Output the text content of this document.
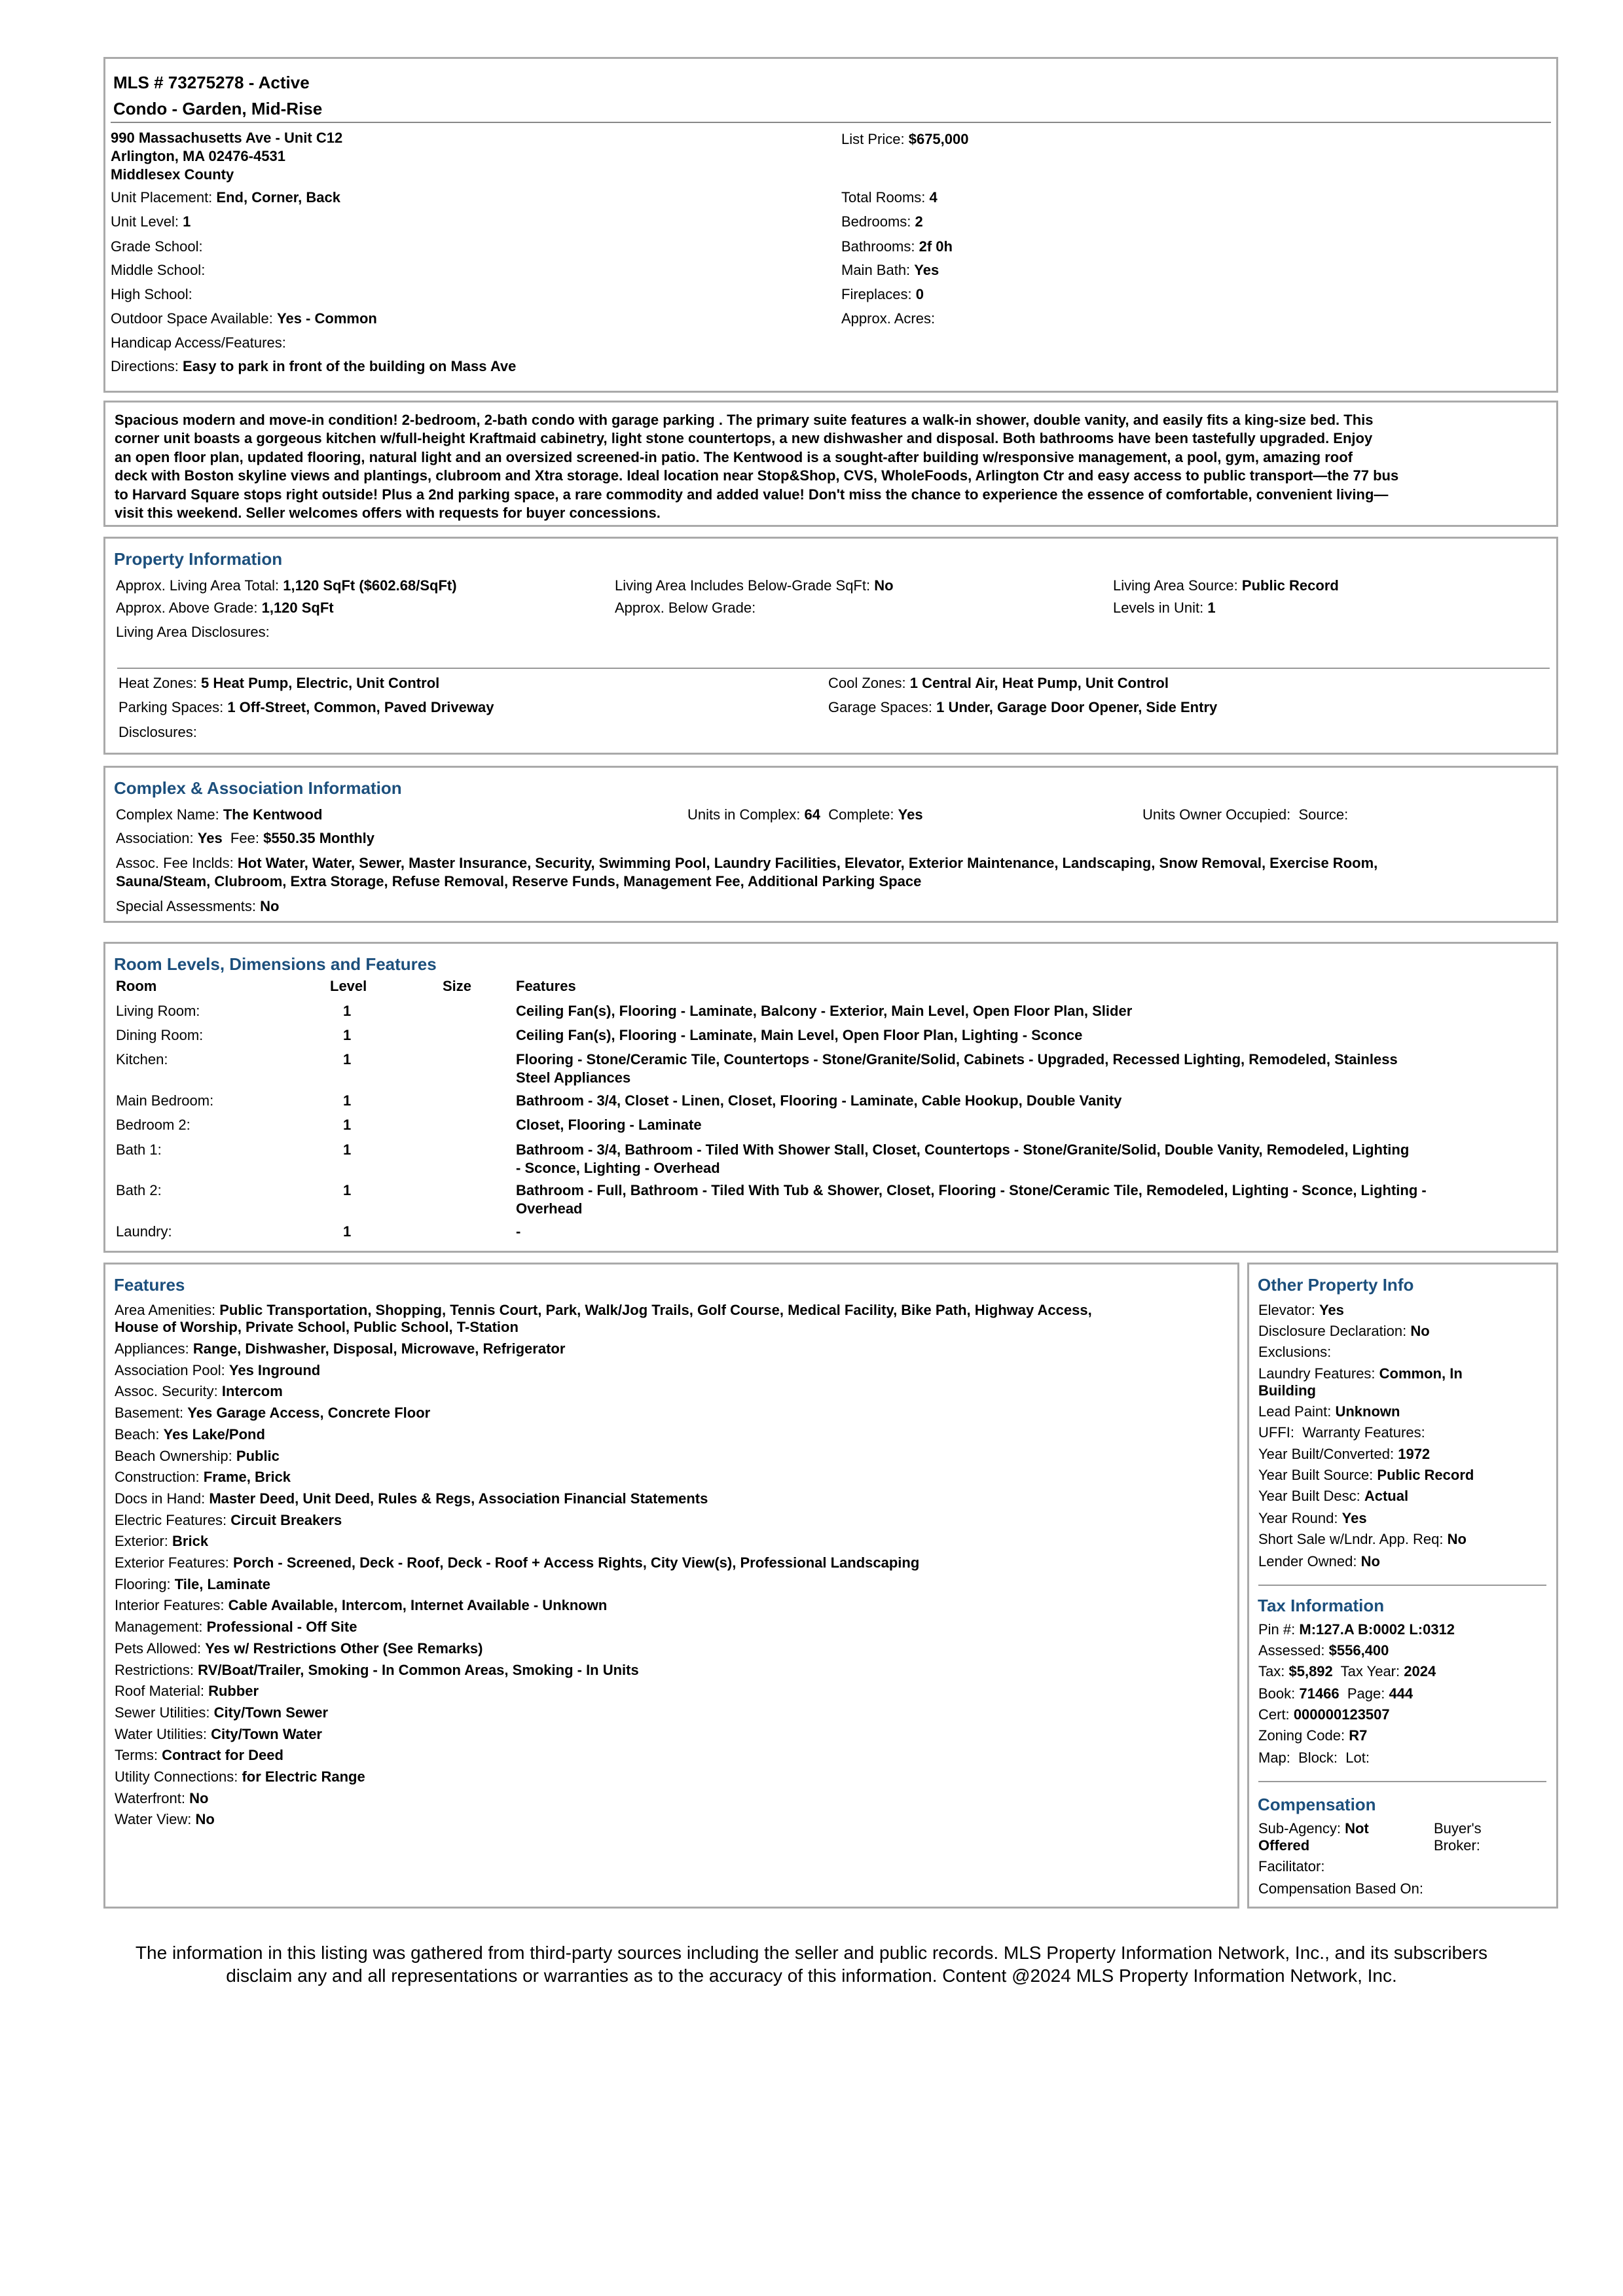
MLS # 73275278 - Active
Condo - Garden, Mid-Rise
990 Massachusetts Ave - Unit C12
Arlington, MA 02476-4531
Middlesex County
List Price: $675,000
Unit Placement: End, Corner, Back
Unit Level: 1
Grade School:
Middle School:
High School:
Outdoor Space Available: Yes - Common
Handicap Access/Features:
Directions: Easy to park in front of the building on Mass Ave
Total Rooms: 4
Bedrooms: 2
Bathrooms: 2f 0h
Main Bath: Yes
Fireplaces: 0
Approx. Acres:
Spacious modern and move-in condition! 2-bedroom, 2-bath condo with garage parking . The primary suite features a walk-in shower, double vanity, and easily fits a king-size bed. This
corner unit boasts a gorgeous kitchen w/full-height Kraftmaid cabinetry, light stone countertops, a new dishwasher and disposal. Both bathrooms have been tastefully upgraded. Enjoy
an open floor plan, updated flooring, natural light and an oversized screened-in patio. The Kentwood is a sought-after building w/responsive management, a pool, gym, amazing roof
deck with Boston skyline views and plantings, clubroom and Xtra storage. Ideal location near Stop&Shop, CVS, WholeFoods, Arlington Ctr and easy access to public transport—the 77 bus
to Harvard Square stops right outside! Plus a 2nd parking space, a rare commodity and added value! Don't miss the chance to experience the essence of comfortable, convenient living—
visit this weekend. Seller welcomes offers with requests for buyer concessions.
Property Information
Approx. Living Area Total: 1,120 SqFt ($602.68/SqFt)	Living Area Includes Below-Grade SqFt: No	Living Area Source: Public Record
Approx. Above Grade: 1,120 SqFt	Approx. Below Grade:	Levels in Unit: 1
Living Area Disclosures:
Heat Zones: 5 Heat Pump, Electric, Unit Control	Cool Zones: 1 Central Air, Heat Pump, Unit Control
Parking Spaces: 1 Off-Street, Common, Paved Driveway	Garage Spaces: 1 Under, Garage Door Opener, Side Entry
Disclosures:
Complex & Association Information
Complex Name: The Kentwood	Units in Complex: 64 Complete: Yes	Units Owner Occupied: Source:
Association: Yes Fee: $550.35 Monthly
Assoc. Fee Inclds: Hot Water, Water, Sewer, Master Insurance, Security, Swimming Pool, Laundry Facilities, Elevator, Exterior Maintenance, Landscaping, Snow Removal, Exercise Room,
Sauna/Steam, Clubroom, Extra Storage, Refuse Removal, Reserve Funds, Management Fee, Additional Parking Space
Special Assessments: No
Room Levels, Dimensions and Features
Room	Level	Size	Features
Living Room:	1	Ceiling Fan(s), Flooring - Laminate, Balcony - Exterior, Main Level, Open Floor Plan, Slider
Dining Room:	1	Ceiling Fan(s), Flooring - Laminate, Main Level, Open Floor Plan, Lighting - Sconce
Kitchen:	1	Flooring - Stone/Ceramic Tile, Countertops - Stone/Granite/Solid, Cabinets - Upgraded, Recessed Lighting, Remodeled, Stainless
Steel Appliances
Main Bedroom:	1	Bathroom - 3/4, Closet - Linen, Closet, Flooring - Laminate, Cable Hookup, Double Vanity
Bedroom 2:	1	Closet, Flooring - Laminate
Bath 1:	1	Bathroom - 3/4, Bathroom - Tiled With Shower Stall, Closet, Countertops - Stone/Granite/Solid, Double Vanity, Remodeled, Lighting
- Sconce, Lighting - Overhead
Bath 2:	1	Bathroom - Full, Bathroom - Tiled With Tub & Shower, Closet, Flooring - Stone/Ceramic Tile, Remodeled, Lighting - Sconce, Lighting -
Overhead
Laundry:	1	-
Features
Area Amenities: Public Transportation, Shopping, Tennis Court, Park, Walk/Jog Trails, Golf Course, Medical Facility, Bike Path, Highway Access,
House of Worship, Private School, Public School, T-Station
Appliances: Range, Dishwasher, Disposal, Microwave, Refrigerator
Association Pool: Yes Inground
Assoc. Security: Intercom
Basement: Yes Garage Access, Concrete Floor
Beach: Yes Lake/Pond
Beach Ownership: Public
Construction: Frame, Brick
Docs in Hand: Master Deed, Unit Deed, Rules & Regs, Association Financial Statements
Electric Features: Circuit Breakers
Exterior: Brick
Exterior Features: Porch - Screened, Deck - Roof, Deck - Roof + Access Rights, City View(s), Professional Landscaping
Flooring: Tile, Laminate
Interior Features: Cable Available, Intercom, Internet Available - Unknown
Management: Professional - Off Site
Pets Allowed: Yes w/ Restrictions Other (See Remarks)
Restrictions: RV/Boat/Trailer, Smoking - In Common Areas, Smoking - In Units
Roof Material: Rubber
Sewer Utilities: City/Town Sewer
Water Utilities: City/Town Water
Terms: Contract for Deed
Utility Connections: for Electric Range
Waterfront: No
Water View: No
Other Property Info
Elevator: Yes
Disclosure Declaration: No
Exclusions:
Laundry Features: Common, In
Building
Lead Paint: Unknown
UFFI: Warranty Features:
Year Built/Converted: 1972
Year Built Source: Public Record
Year Built Desc: Actual
Year Round: Yes
Short Sale w/Lndr. App. Req: No
Lender Owned: No
Tax Information
Pin #: M:127.A B:0002 L:0312
Assessed: $556,400
Tax: $5,892 Tax Year: 2024
Book: 71466 Page: 444
Cert: 000000123507
Zoning Code: R7
Map:  Block:  Lot:
Compensation
Sub-Agency: Not
Offered
Buyer's
Broker:
Facilitator:
Compensation Based On:
The information in this listing was gathered from third-party sources including the seller and public records. MLS Property Information Network, Inc., and its subscribers
disclaim any and all representations or warranties as to the accuracy of this information. Content @2024 MLS Property Information Network, Inc.
